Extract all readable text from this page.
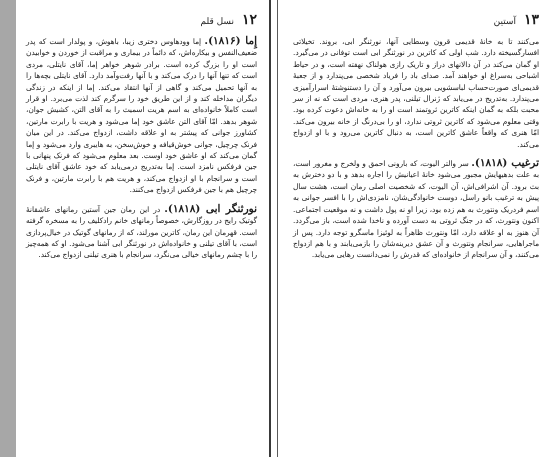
۱۲
نسل قلم

إِما (۱۸۱۶). إما وودهاوس دختری زیبا، باهوش، و پولدار است که پدر ضعیف‌النفس و بیکاره‌اش، که دائماً در بیماری و مراقبت از خوردن و خوابیدن است او را بزرگ کرده است. برادر شوهر خواهر إما، آقای نایتلی، مردی است که تنها آنها را درک می‌کند و با آنها رفت‌وآمد دارد. آقای نایتلی بچه‌ها را به آنها تحمیل می‌کند و گاهی از آنها انتقاد می‌کند. إما از اینکه در زندگی دیگران مداخله کند و از این طریق خود را سرگرم کند لذت می‌برد. او قرار است کاملاً خانواده‌ای به اسم هریت اسمیث را به آقای التن، کشیش جوان، شوهر بدهد. امّا آقای التن عاشق خود إما می‌شود و هریت با رابرت مارتین، کشاورز جوانی که پیشتر به او علاقه داشت، ازدواج می‌کند. در این میان فرنک چرچیل، جوانی خوش‌قیافه و خوش‌سخن، به هایبری وارد می‌شود و إما گمان می‌کند که او عاشق خود اوست. بعد معلوم می‌شود که فرنک پنهانی با جین فرفکس نامزد است. إما به‌تدریج درمی‌یابد که خود عاشق آقای نایتلی است و سرانجام با او ازدواج می‌کند، و هریت هم با رابرت مارتین، و فرنک چرچیل هم با جین فرفکس ازدواج می‌کنند.

نورثنگر ابی (۱۸۱۸). در این رمان جین آستین رمانهای عاشقانهٔ گوتیک رایج در روزگارش، خصوصاً رمانهای خانم رادکلیف را به مسخره گرفته است. قهرمان این رمان، کاترین مورلند، که از رمانهای گوتیک در خیال‌پردازی است، با آقای تیلنی و خانواده‌اش در نورثنگر ابی آشنا می‌شود. او که همه‌چیز را با چشم رمانهای خیالی می‌نگرد، سرانجام با هنری تیلنی ازدواج می‌کند.

۱۳
آستین

می‌کنند تا به خانهٔ قدیمی قرون وسطایی آنها، نورثنگر ابی، بروند. تخیلاتی افسارگسیخته دارد. شب اولی که کاترین در نورثنگر ابی است توفانی در می‌گیرد. او گمان می‌کند در آن دالانهای دراز و تاریک رازی هولناک نهفته است، و در حیاط اشباحی به‌سراغ او خواهند آمد. صدای باد را فریاد شخصی می‌پندارد و از جعبهٔ قدیمی‌ای صورت‌حساب لباسشویی بیرون می‌آورد و آن را دستنوشتهٔ اسرارآمیزی می‌پندارد. به‌تدریج در می‌یابد که ژنرال تیلنی، پدر هنری، مردی است که نه از سر محبت بلکه به گمان اینکه کاترین ثروتمند است او را به خانه‌اش دعوت کرده بود. وقتی معلوم می‌شود که کاترین ثروتی ندارد، او را بی‌درنگ از خانه بیرون می‌کند. امّا هنری که واقعاً عاشق کاترین است، به دنبال کاترین می‌رود و با او ازدواج می‌کند.

ترغیب (۱۸۱۸). سر والتر الیوت، که بارونی احمق و ولخرج و مغرور است، به علت بدهیهایش مجبور می‌شود خانهٔ اعیانیش را اجاره بدهد و با دو دخترش به بث برود. آن اشرافی‌اش، آن الیوت، که شخصیت اصلی رمان است، هشت سال پیش به ترغیب بانو راسل، دوست خانوادگی‌شان، نامزدی‌اش را با افسر جوانی به اسم فردریک ونتورث به هم زده بود، زیرا او نه پول داشت و نه موقعیت اجتماعی. اکنون ونتورث، که در جنگ ثروتی به دست آورده و ناخدا شده است، باز می‌گردد. آن هنوز به او علاقه دارد، امّا ونتورث ظاهراً به لوئیزا ماسگرو توجه دارد. پس از ماجراهایی، سرانجام ونتورث و آن عشق دیرینه‌شان را بازمی‌یابند و با هم ازدواج می‌کنند، و آن سرانجام از خانواده‌ای که قدرش را نمی‌دانست رهایی می‌یابد.
